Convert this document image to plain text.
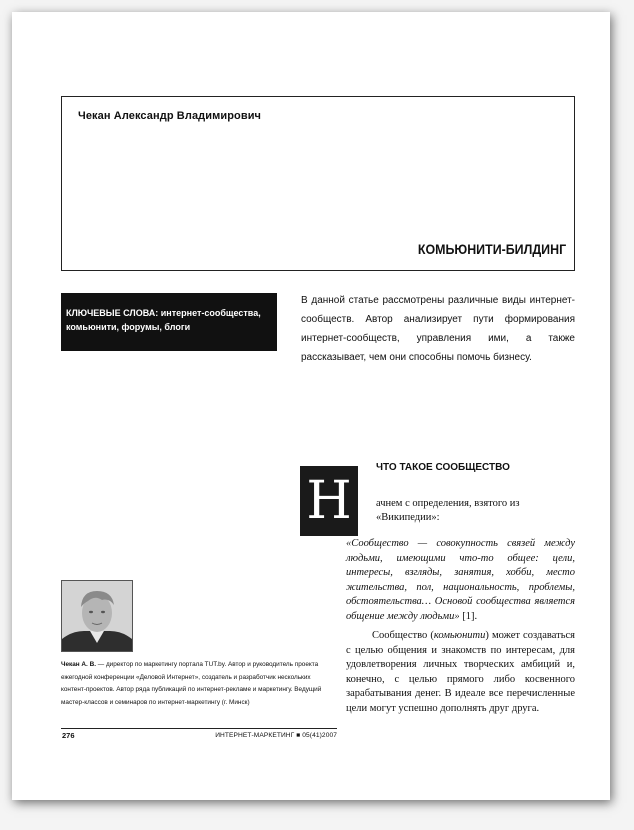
Чекан Александр Владимирович
КОМЬЮНИТИ-БИЛДИНГ
КЛЮЧЕВЫЕ СЛОВА: интернет-сообщества,
комьюнити, форумы, блоги
В данной статье рассмотрены различные виды интернет-сообществ. Автор анализирует пути формирования интернет-сообществ, управления ими, а также рассказывает, чем они способны помочь бизнесу.
Н
ЧТО ТАКОЕ СООБЩЕСТВО
ачнем с определения, взятого из «Википедии»:
«Сообщество — совокупность связей между людьми, имеющими что-то общее: цели, интересы, взгляды, занятия, хобби, место жительства, пол, национальность, проблемы, обстоятельства… Основой сообщества является общение между людьми» [1].
Сообщество (комьюнити) может создаваться с целью общения и знакомств по интересам, для удовлетворения личных творческих амбиций и, конечно, с целью прямого либо косвенного зарабатывания денег. В идеале все перечисленные цели могут успешно дополнять друг друга.
Чекан А. В. — директор по маркетингу портала TUT.by. Автор и руководитель проекта ежегодной конференции «Деловой Интернет», создатель и разработчик нескольких контент-проектов. Автор ряда публикаций по интернет-рекламе и маркетингу. Ведущий мастер-классов и семинаров по интернет-маркетингу (г. Минск)
276	ИНТЕРНЕТ-МАРКЕТИНГ ■ 05(41)2007
